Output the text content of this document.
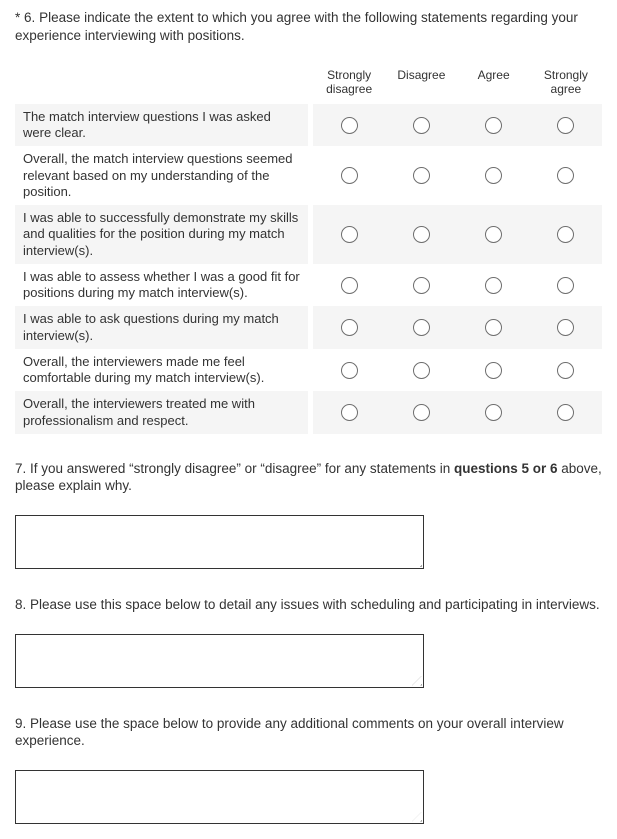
* 6. Please indicate the extent to which you agree with the following statements regarding your experience interviewing with positions.
Strongly disagree
Disagree	Agree	Strongly agree
The match interview questions I was asked were clear.
Overall, the match interview questions seemed relevant based on my understanding of the position.
I was able to successfully demonstrate my skills and qualities for the position during my match interview(s).
I was able to assess whether I was a good fit for positions during my match interview(s).
I was able to ask questions during my match interview(s).
Overall, the interviewers made me feel comfortable during my match interview(s).
Overall, the interviewers treated me with professionalism and respect.
7. If you answered “strongly disagree” or “disagree” for any statements in questions 5 or 6 above, please explain why.
8. Please use this space below to detail any issues with scheduling and participating in interviews.
9. Please use the space below to provide any additional comments on your overall interview experience.
